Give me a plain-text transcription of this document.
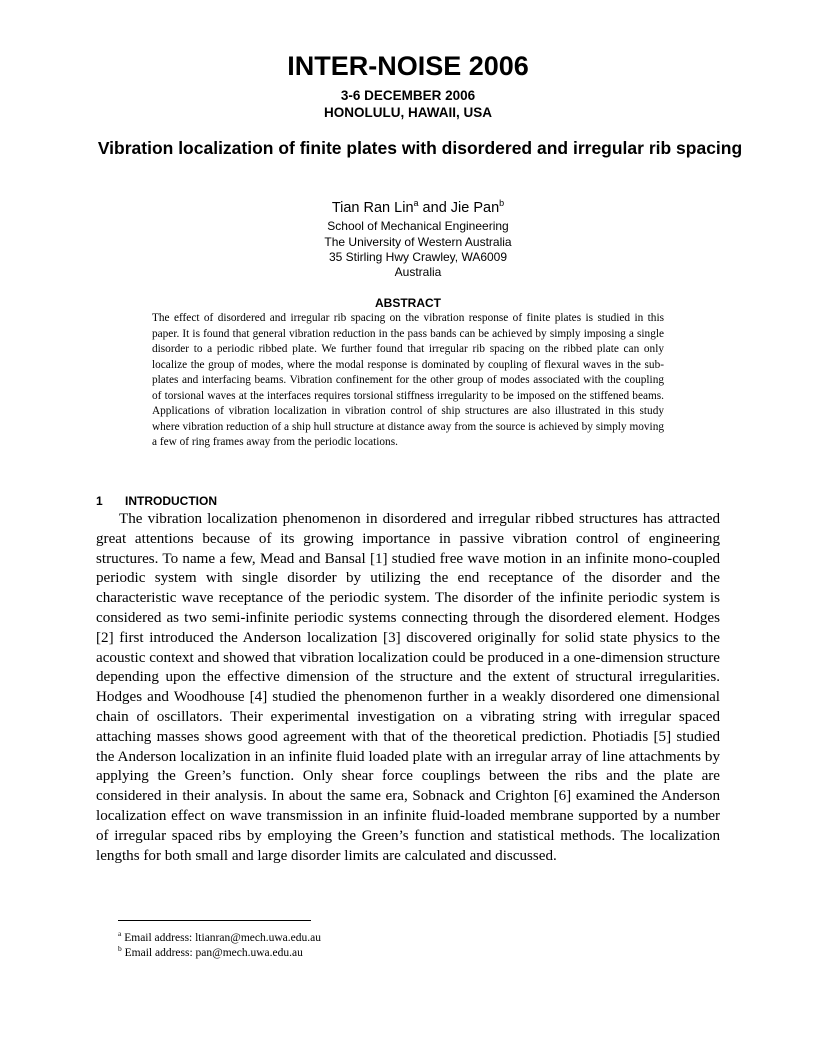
INTER-NOISE 2006
3-6 DECEMBER 2006
HONOLULU, HAWAII, USA
Vibration localization of finite plates with disordered and irregular rib spacing
Tian Ran Lin$^a$ and Jie Pan$^b$
School of Mechanical Engineering
The University of Western Australia
35 Stirling Hwy Crawley, WA6009
Australia
ABSTRACT

The effect of disordered and irregular rib spacing on the vibration response of finite plates is studied in this paper. It is found that general vibration reduction in the pass bands can be achieved by simply imposing a single disorder to a periodic ribbed plate. We further found that irregular rib spacing on the ribbed plate can only localize the group of modes, where the modal response is dominated by coupling of flexural waves in the sub-plates and interfacing beams. Vibration confinement for the other group of modes associated with the coupling of torsional waves at the interfaces requires torsional stiffness irregularity to be imposed on the stiffened beams. Applications of vibration localization in vibration control of ship structures are also illustrated in this study where vibration reduction of a ship hull structure at distance away from the source is achieved by simply moving a few of ring frames away from the periodic locations.

1 INTRODUCTION

The vibration localization phenomenon in disordered and irregular ribbed structures has attracted great attentions because of its growing importance in passive vibration control of engineering structures. To name a few, Mead and Bansal [1] studied free wave motion in an infinite mono-coupled periodic system with single disorder by utilizing the end receptance of the disorder and the characteristic wave receptance of the periodic system. The disorder of the infinite periodic system is considered as two semi-infinite periodic systems connecting through the disordered element. Hodges [2] first introduced the Anderson localization [3] discovered originally for solid state physics to the acoustic context and showed that vibration localization could be produced in a one-dimension structure depending upon the effective dimension of the structure and the extent of structural irregularities. Hodges and Woodhouse [4] studied the phenomenon further in a weakly disordered one dimensional chain of oscillators. Their experimental investigation on a vibrating string with irregular spaced attaching masses shows good agreement with that of the theoretical prediction. Photiadis [5] studied the Anderson localization in an infinite fluid loaded plate with an irregular array of line attachments by applying the Green’s function. Only shear force couplings between the ribs and the plate are considered in their analysis. In about the same era, Sobnack and Crighton [6] examined the Anderson localization effect on wave transmission in an infinite fluid-loaded membrane supported by a number of irregular spaced ribs by employing the Green’s function and statistical methods. The localization lengths for both small and large disorder limits are calculated and discussed.

$^a$ Email address: ltianran@mech.uwa.edu.au
$^b$ Email address: pan@mech.uwa.edu.au
